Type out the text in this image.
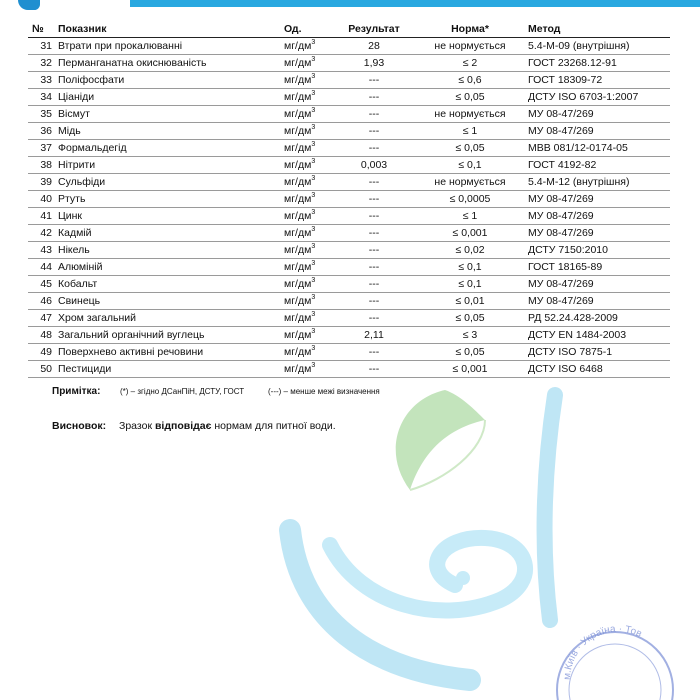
м.Київ · Україна · Тов
№	Показник	Од.	Результат	Норма*	Метод
31	Втрати при прокалюванні	$мг/дм^3$	28	не нормується	5.4-М-09 (внутрішня)
32	Перманганатна окиснюваність	$мг/дм^3$	1,93	≤ 2	ГОСТ 23268.12-91
33	Поліфосфати	$мг/дм^3$	---	≤ 0,6	ГОСТ 18309-72
34	Ціаніди	$мг/дм^3$	---	≤ 0,05	ДСТУ ISO 6703-1:2007
35	Вісмут	$мг/дм^3$	---	не нормується	МУ 08-47/269
36	Мідь	$мг/дм^3$	---	≤ 1	МУ 08-47/269
37	Формальдегід	$мг/дм^3$	---	≤ 0,05	МВВ 081/12-0174-05
38	Нітрити	$мг/дм^3$	0,003	≤ 0,1	ГОСТ 4192-82
39	Сульфіди	$мг/дм^3$	---	не нормується	5.4-М-12 (внутрішня)
40	Ртуть	$мг/дм^3$	---	≤ 0,0005	МУ 08-47/269
41	Цинк	$мг/дм^3$	---	≤ 1	МУ 08-47/269
42	Кадмій	$мг/дм^3$	---	≤ 0,001	МУ 08-47/269
43	Нікель	$мг/дм^3$	---	≤ 0,02	ДСТУ 7150:2010
44	Алюміній	$мг/дм^3$	---	≤ 0,1	ГОСТ 18165-89
45	Кобальт	$мг/дм^3$	---	≤ 0,1	МУ 08-47/269
46	Свинець	$мг/дм^3$	---	≤ 0,01	МУ 08-47/269
47	Хром загальний	$мг/дм^3$	---	≤ 0,05	РД 52.24.428-2009
48	Загальний органічний вуглець	$мг/дм^3$	2,11	≤ 3	ДСТУ EN 1484-2003
49	Поверхнево активні речовини	$мг/дм^3$	---	≤ 0,05	ДСТУ ISO 7875-1
50	Пестициди	$мг/дм^3$	---	≤ 0,001	ДСТУ ISO 6468
Примітка: (*) – згідно ДСанПіН, ДСТУ, ГОСТ	(---) – менше межі визначення
Висновок: Зразок відповідає нормам для питної води.
